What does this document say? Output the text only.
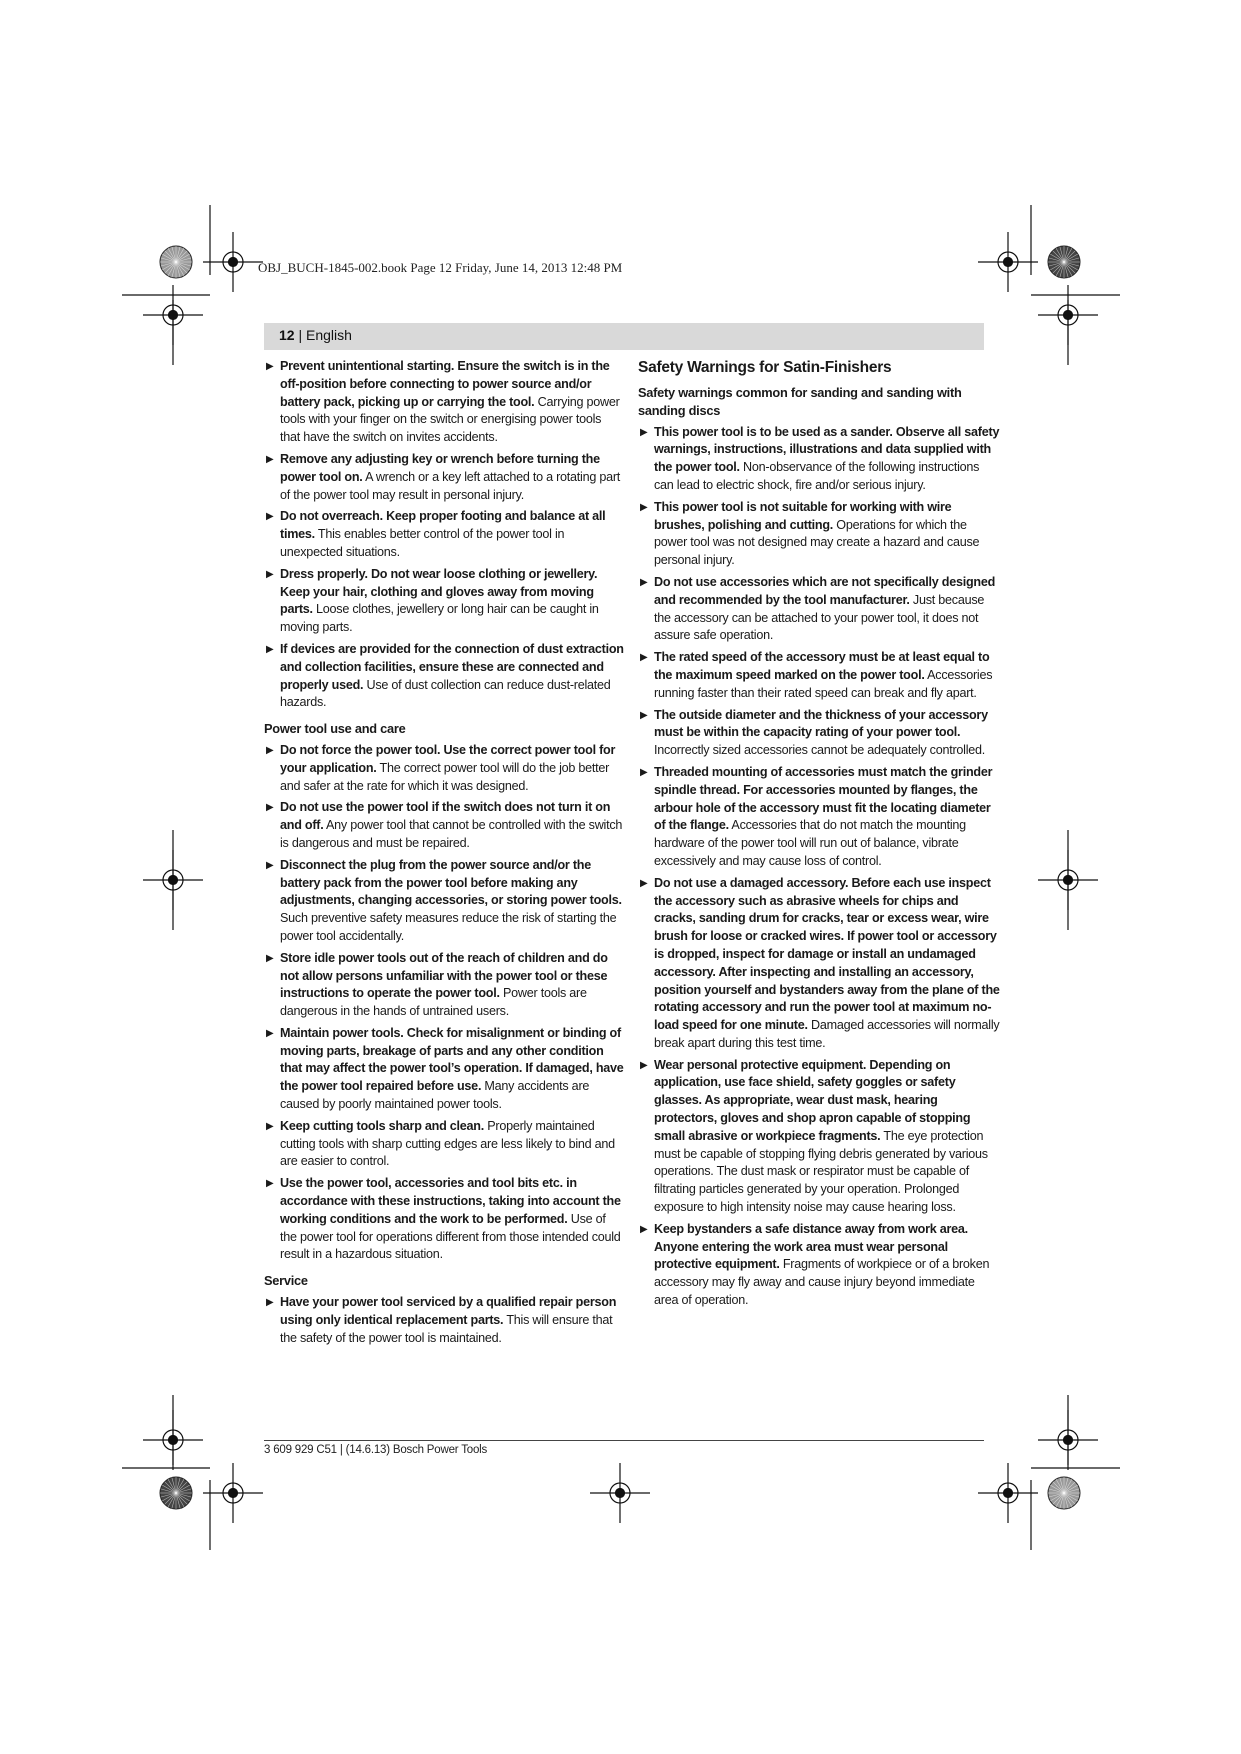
OBJ_BUCH-1845-002.book Page 12 Friday, June 14, 2013 12:48 PM
12 | English
▶ Prevent unintentional starting. Ensure the switch is in the off-position before connecting to power source and/or battery pack, picking up or carrying the tool. Carrying power tools with your finger on the switch or energising power tools that have the switch on invites accidents.
▶ Remove any adjusting key or wrench before turning the power tool on. A wrench or a key left attached to a rotating part of the power tool may result in personal injury.
▶ Do not overreach. Keep proper footing and balance at all times. This enables better control of the power tool in unexpected situations.
▶ Dress properly. Do not wear loose clothing or jewellery. Keep your hair, clothing and gloves away from moving parts. Loose clothes, jewellery or long hair can be caught in moving parts.
▶ If devices are provided for the connection of dust extraction and collection facilities, ensure these are connected and properly used. Use of dust collection can reduce dust-related hazards.
Power tool use and care
▶ Do not force the power tool. Use the correct power tool for your application. The correct power tool will do the job better and safer at the rate for which it was designed.
▶ Do not use the power tool if the switch does not turn it on and off. Any power tool that cannot be controlled with the switch is dangerous and must be repaired.
▶ Disconnect the plug from the power source and/or the battery pack from the power tool before making any adjustments, changing accessories, or storing power tools. Such preventive safety measures reduce the risk of starting the power tool accidentally.
▶ Store idle power tools out of the reach of children and do not allow persons unfamiliar with the power tool or these instructions to operate the power tool. Power tools are dangerous in the hands of untrained users.
▶ Maintain power tools. Check for misalignment or binding of moving parts, breakage of parts and any other condition that may affect the power tool’s operation. If damaged, have the power tool repaired before use. Many accidents are caused by poorly maintained power tools.
▶ Keep cutting tools sharp and clean. Properly maintained cutting tools with sharp cutting edges are less likely to bind and are easier to control.
▶ Use the power tool, accessories and tool bits etc. in accordance with these instructions, taking into account the working conditions and the work to be performed. Use of the power tool for operations different from those intended could result in a hazardous situation.
Service
▶ Have your power tool serviced by a qualified repair person using only identical replacement parts. This will ensure that the safety of the power tool is maintained.
Safety Warnings for Satin-Finishers
Safety warnings common for sanding and sanding with sanding discs
▶ This power tool is to be used as a sander. Observe all safety warnings, instructions, illustrations and data supplied with the power tool. Non-observance of the following instructions can lead to electric shock, fire and/or serious injury.
▶ This power tool is not suitable for working with wire brushes, polishing and cutting. Operations for which the power tool was not designed may create a hazard and cause personal injury.
▶ Do not use accessories which are not specifically designed and recommended by the tool manufacturer. Just because the accessory can be attached to your power tool, it does not assure safe operation.
▶ The rated speed of the accessory must be at least equal to the maximum speed marked on the power tool. Accessories running faster than their rated speed can break and fly apart.
▶ The outside diameter and the thickness of your accessory must be within the capacity rating of your power tool. Incorrectly sized accessories cannot be adequately controlled.
▶ Threaded mounting of accessories must match the grinder spindle thread. For accessories mounted by flanges, the arbour hole of the accessory must fit the locating diameter of the flange. Accessories that do not match the mounting hardware of the power tool will run out of balance, vibrate excessively and may cause loss of control.
▶ Do not use a damaged accessory. Before each use inspect the accessory such as abrasive wheels for chips and cracks, sanding drum for cracks, tear or excess wear, wire brush for loose or cracked wires. If power tool or accessory is dropped, inspect for damage or install an undamaged accessory. After inspecting and installing an accessory, position yourself and bystanders away from the plane of the rotating accessory and run the power tool at maximum no-load speed for one minute. Damaged accessories will normally break apart during this test time.
▶ Wear personal protective equipment. Depending on application, use face shield, safety goggles or safety glasses. As appropriate, wear dust mask, hearing protectors, gloves and shop apron capable of stopping small abrasive or workpiece fragments. The eye protection must be capable of stopping flying debris generated by various operations. The dust mask or respirator must be capable of filtrating particles generated by your operation. Prolonged exposure to high intensity noise may cause hearing loss.
▶ Keep bystanders a safe distance away from work area. Anyone entering the work area must wear personal protective equipment. Fragments of workpiece or of a broken accessory may fly away and cause injury beyond immediate area of operation.
3 609 929 C51 | (14.6.13) Bosch Power Tools
